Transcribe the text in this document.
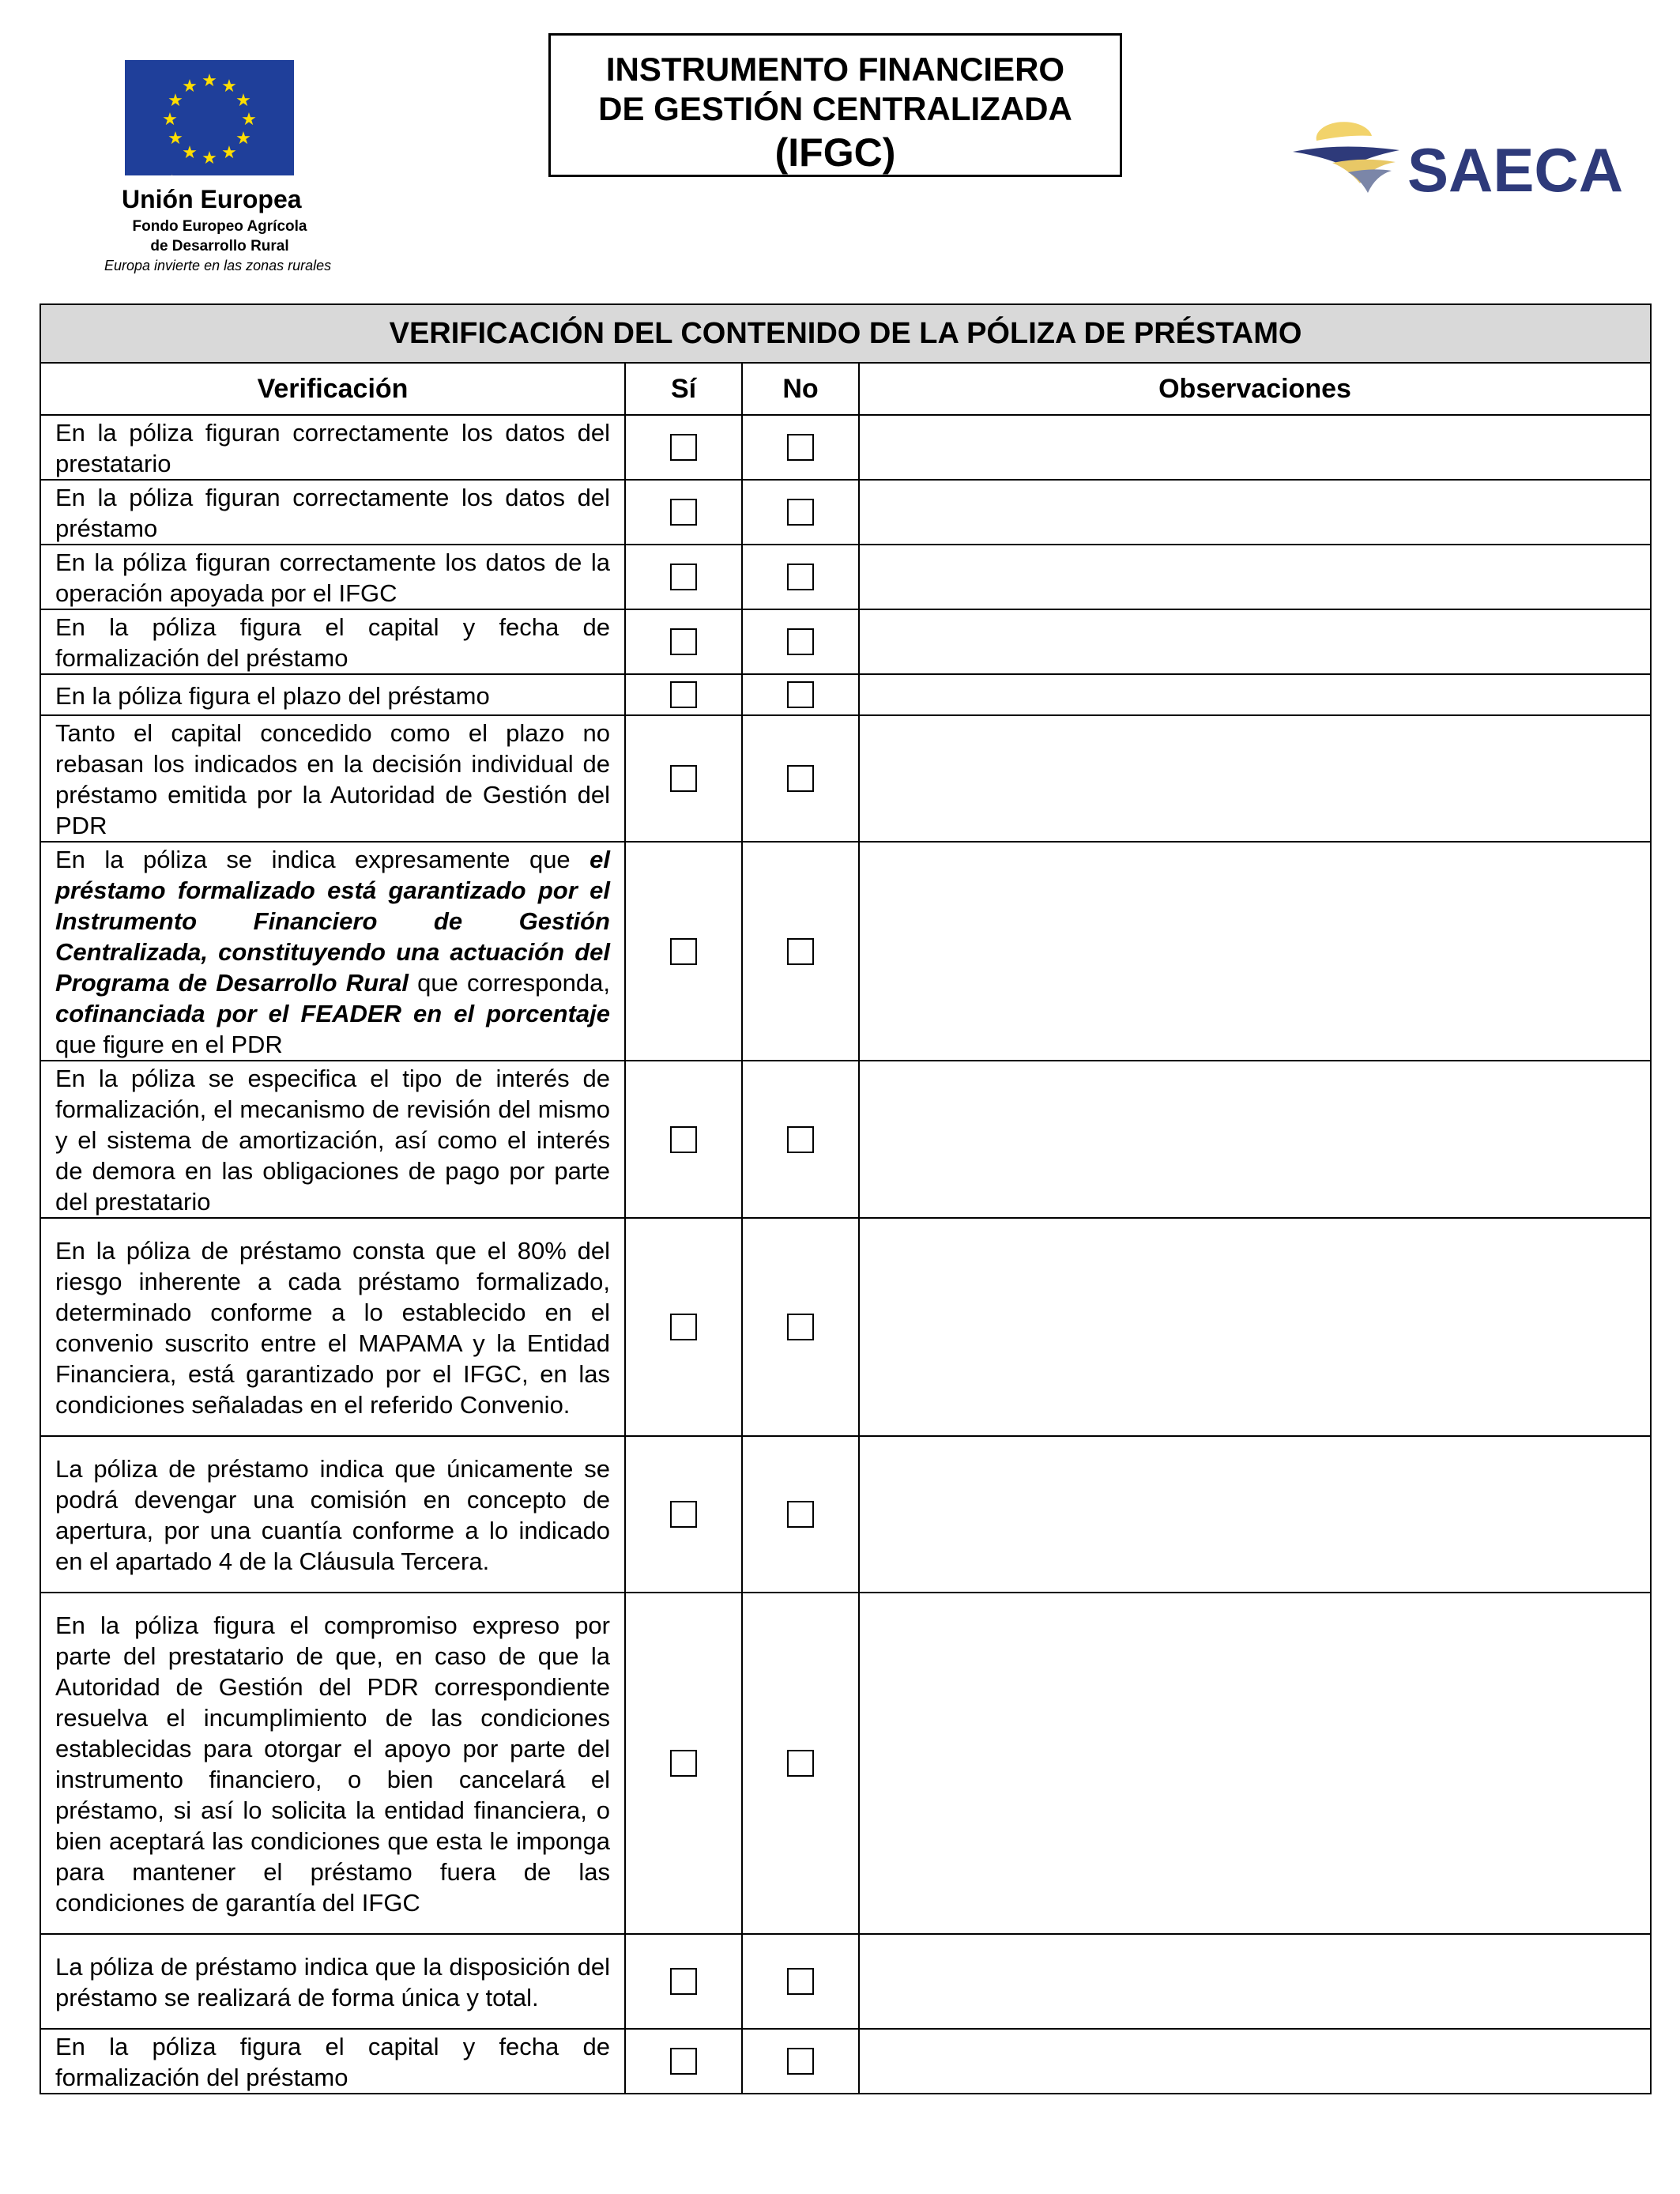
★ ★
★
★
★
★
★
★
★
★
★
★
·
Unión Europea
Fondo Europeo Agrícola
de Desarrollo Rural
Europa invierte en las zonas rurales
INSTRUMENTO FINANCIERO
DE GESTIÓN CENTRALIZADA
(IFGC)	SAECA
VERIFICACIÓN DEL CONTENIDO DE LA PÓLIZA DE PRÉSTAMO			
Verificación	Sí	No	Observaciones
En la póliza figuran correctamente los datos del prestatario			
En la póliza figuran correctamente los datos del préstamo			
En la póliza figuran correctamente los datos de la operación apoyada por el IFGC			
En la póliza figura el capital y fecha de formalización del préstamo			
En la póliza figura el plazo del préstamo			
Tanto el capital concedido como el plazo no rebasan los indicados en la decisión individual de préstamo emitida por la Autoridad de Gestión del PDR			
En la póliza se indica expresamente que el préstamo formalizado está garantizado por el Instrumento Financiero de Gestión Centralizada, constituyendo una actuación del Programa de Desarrollo Rural que corresponda, cofinanciada por el FEADER en el porcentaje que figure en el PDR			
En la póliza se especifica el tipo de interés de formalización, el mecanismo de revisión del mismo y el sistema de amortización, así como el interés de demora en las obligaciones de pago por parte del prestatario			
En la póliza de préstamo consta que el 80% del riesgo inherente a cada préstamo formalizado, determinado conforme a lo establecido en el convenio suscrito entre el MAPAMA y la Entidad Financiera, está garantizado por el IFGC, en las condiciones señaladas en el referido Convenio.			
La póliza de préstamo indica que únicamente se podrá devengar una comisión en concepto de apertura, por una cuantía conforme a lo indicado en el apartado 4 de la Cláusula Tercera.			
En la póliza figura el compromiso expreso por parte del prestatario de que, en caso de que la Autoridad de Gestión del PDR correspondiente resuelva el incumplimiento de las condiciones establecidas para otorgar el apoyo por parte del instrumento financiero, o bien cancelará el préstamo, si así lo solicita la entidad financiera, o bien aceptará las condiciones que esta le imponga para mantener el préstamo fuera de las condiciones de garantía del IFGC			
La póliza de préstamo indica que la disposición del préstamo se realizará de forma única y total.			
En la póliza figura el capital y fecha de formalización del préstamo			
